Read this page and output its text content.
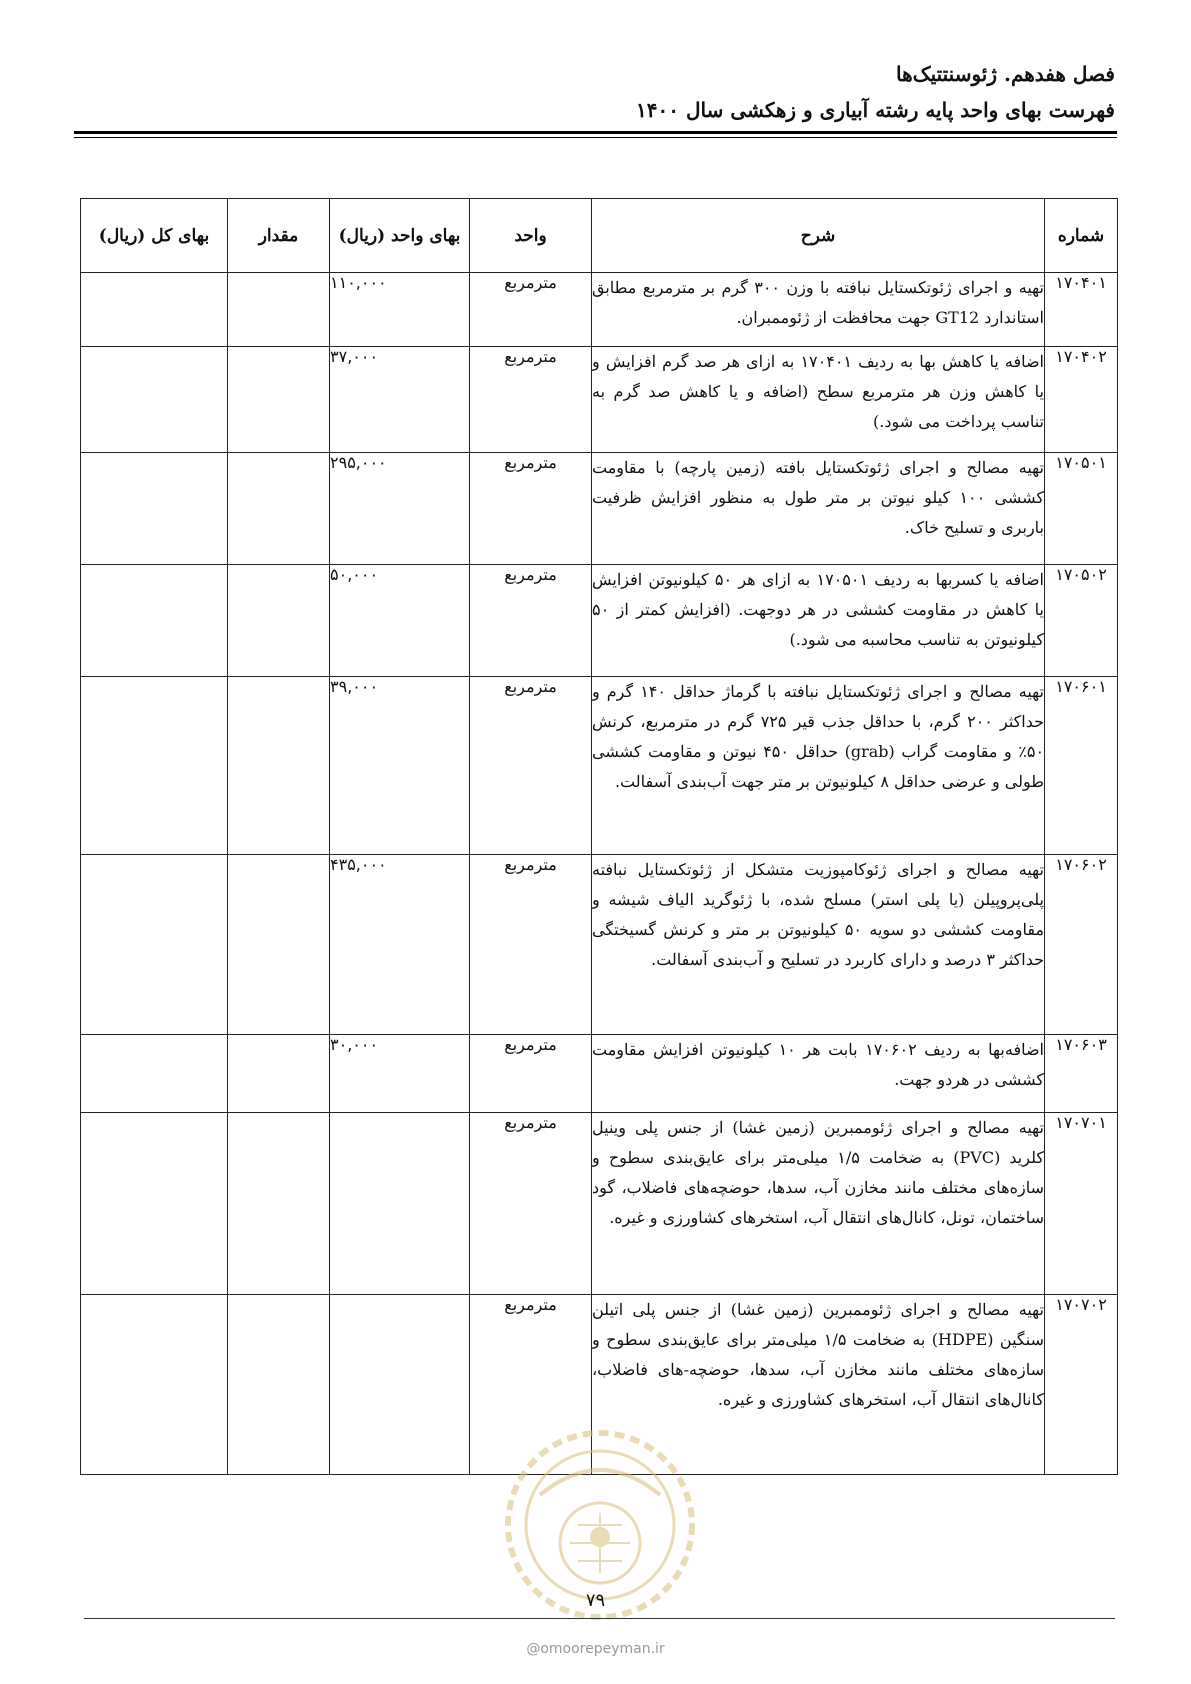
فصل هفدهم. ژئوسنتتیک‌ها
فهرست بهای واحد پایه رشته آبیاری و زهکشی سال ۱۴۰۰
شماره	شرح	واحد	بهای واحد (ریال)	مقدار	بهای کل (ریال)
۱۷۰۴۰۱	تهیه و اجرای ژئوتکستایل نبافته با وزن ۳۰۰ گرم بر مترمربع مطابق استاندارد GT12 جهت محافظت از ژئوممبران.	مترمربع	۱۱۰,۰۰۰		
۱۷۰۴۰۲	اضافه یا کاهش بها به ردیف ۱۷۰۴۰۱ به ازای هر صد گرم افزایش و یا کاهش وزن هر مترمربع سطح (اضافه و یا کاهش صد گرم به تناسب پرداخت می شود.)	مترمربع	۳۷,۰۰۰		
۱۷۰۵۰۱	تهیه مصالح و اجرای ژئوتکستایل بافته (زمین پارچه) با مقاومت کششی ۱۰۰ کیلو نیوتن بر متر طول به منظور افزایش ظرفیت باربری و تسلیح خاک.	مترمربع	۲۹۵,۰۰۰		
۱۷۰۵۰۲	اضافه یا کسربها به ردیف ۱۷۰۵۰۱ به ازای هر ۵۰ کیلونیوتن افزایش یا کاهش در مقاومت کششی در هر دوجهت. (افزایش کمتر از ۵۰ کیلونیوتن به تناسب محاسبه می شود.)	مترمربع	۵۰,۰۰۰		
۱۷۰۶۰۱	تهیه مصالح و اجرای ژئوتکستایل نبافته با گرماژ حداقل ۱۴۰ گرم و حداکثر ۲۰۰ گرم، با حداقل جذب قیر ۷۲۵ گرم در مترمربع، کرنش ۵۰٪ و مقاومت گراب (grab) حداقل ۴۵۰ نیوتن و مقاومت کششی طولی و عرضی حداقل ۸ کیلونیوتن بر متر جهت آب‌بندی آسفالت.	مترمربع	۳۹,۰۰۰		
۱۷۰۶۰۲	تهیه مصالح و اجرای ژئوکامپوزیت متشکل از ژئوتکستایل نبافته پلی‌پروپیلن (یا پلی استر) مسلح شده، با ژئوگرید الیاف شیشه و مقاومت کششی دو سویه ۵۰ کیلونیوتن بر متر و کرنش گسیختگی حداکثر ۳ درصد و دارای کاربرد در تسلیح و آب‌بندی آسفالت.	مترمربع	۴۳۵,۰۰۰		
۱۷۰۶۰۳	اضافه‌بها به ردیف ۱۷۰۶۰۲ بابت هر ۱۰ کیلونیوتن افزایش مقاومت کششی در هردو جهت.	مترمربع	۳۰,۰۰۰		
۱۷۰۷۰۱	تهیه مصالح و اجرای ژئوممبرین (زمین غشا) از جنس پلی وینیل کلرید (PVC) به ضخامت ۱/۵ میلی‌متر برای عایق‌بندی سطوح و سازه‌های مختلف مانند مخازن آب، سدها، حوضچه‌های فاضلاب، گود ساختمان، تونل، کانال‌های انتقال آب، استخرهای کشاورزی و غیره.	مترمربع			
۱۷۰۷۰۲	تهیه مصالح و اجرای ژئوممبرین (زمین غشا) از جنس پلی اتیلن سنگین (HDPE) به ضخامت ۱/۵ میلی‌متر برای عایق‌بندی سطوح و سازه‌های مختلف مانند مخازن آب، سدها، حوضچه-های فاضلاب، کانال‌های انتقال آب، استخرهای کشاورزی و غیره.	مترمربع			
۷۹
@omoorepeyman.ir
